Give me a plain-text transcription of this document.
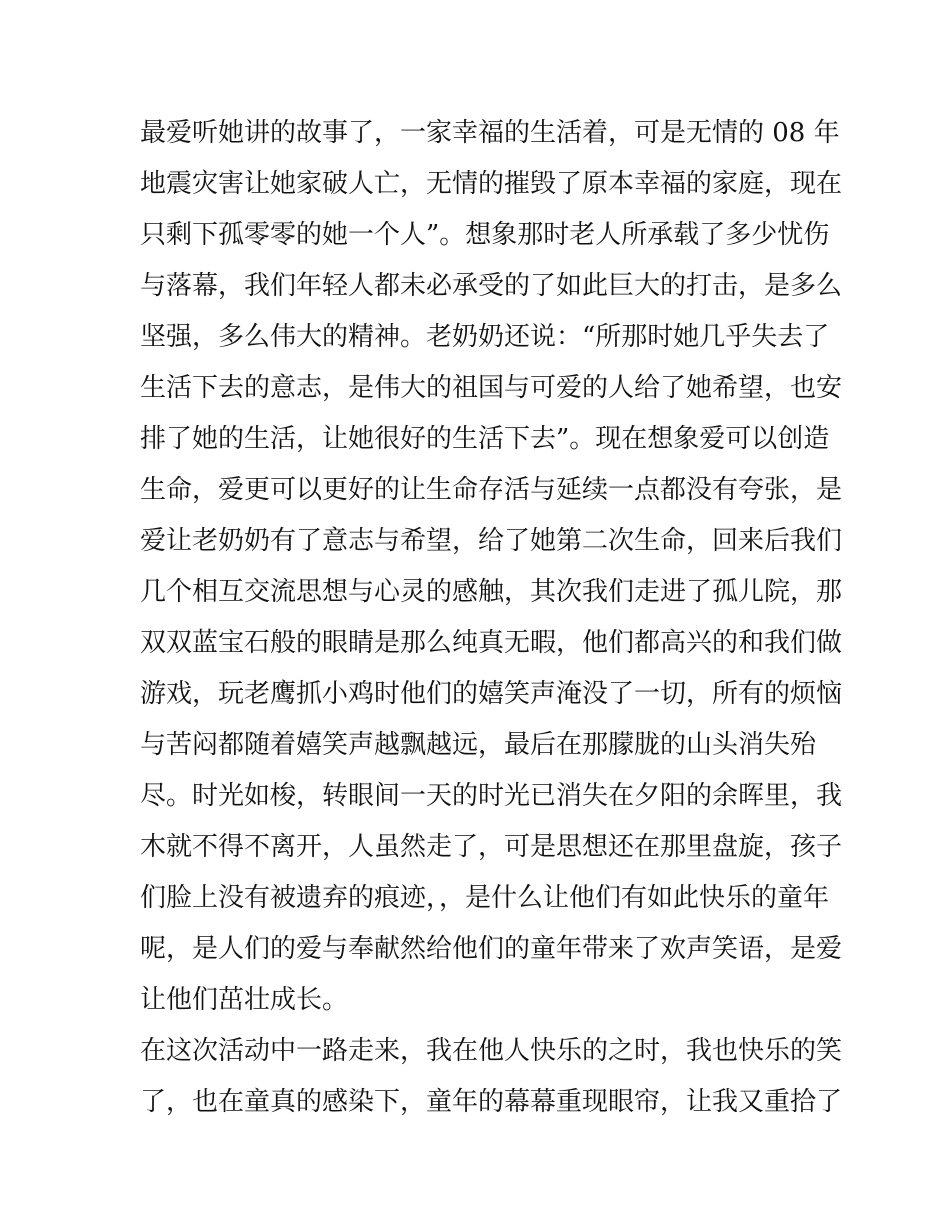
最爱听她讲的故事了，一家幸福的生活着，可是无情的 08 年
地震灾害让她家破人亡，无情的摧毁了原本幸福的家庭，现在
只剩下孤零零的她一个人”。想象那时老人所承载了多少忧伤
与落幕，我们年轻人都未必承受的了如此巨大的打击，是多么
坚强，多么伟大的精神。老奶奶还说：“所那时她几乎失去了
生活下去的意志，是伟大的祖国与可爱的人给了她希望，也安
排了她的生活，让她很好的生活下去”。现在想象爱可以创造
生命，爱更可以更好的让生命存活与延续一点都没有夸张，是
爱让老奶奶有了意志与希望，给了她第二次生命，回来后我们
几个相互交流思想与心灵的感触，其次我们走进了孤儿院，那
双双蓝宝石般的眼睛是那么纯真无暇，他们都高兴的和我们做
游戏，玩老鹰抓小鸡时他们的嬉笑声淹没了一切，所有的烦恼
与苦闷都随着嬉笑声越飘越远，最后在那朦胧的山头消失殆
尽。时光如梭，转眼间一天的时光已消失在夕阳的余晖里，我
木就不得不离开，人虽然走了，可是思想还在那里盘旋，孩子
们脸上没有被遗弃的痕迹，，是什么让他们有如此快乐的童年
呢，是人们的爱与奉献然给他们的童年带来了欢声笑语，是爱
让他们茁壮成长。
在这次活动中一路走来，我在他人快乐的之时，我也快乐的笑
了，也在童真的感染下，童年的幕幕重现眼帘，让我又重拾了
